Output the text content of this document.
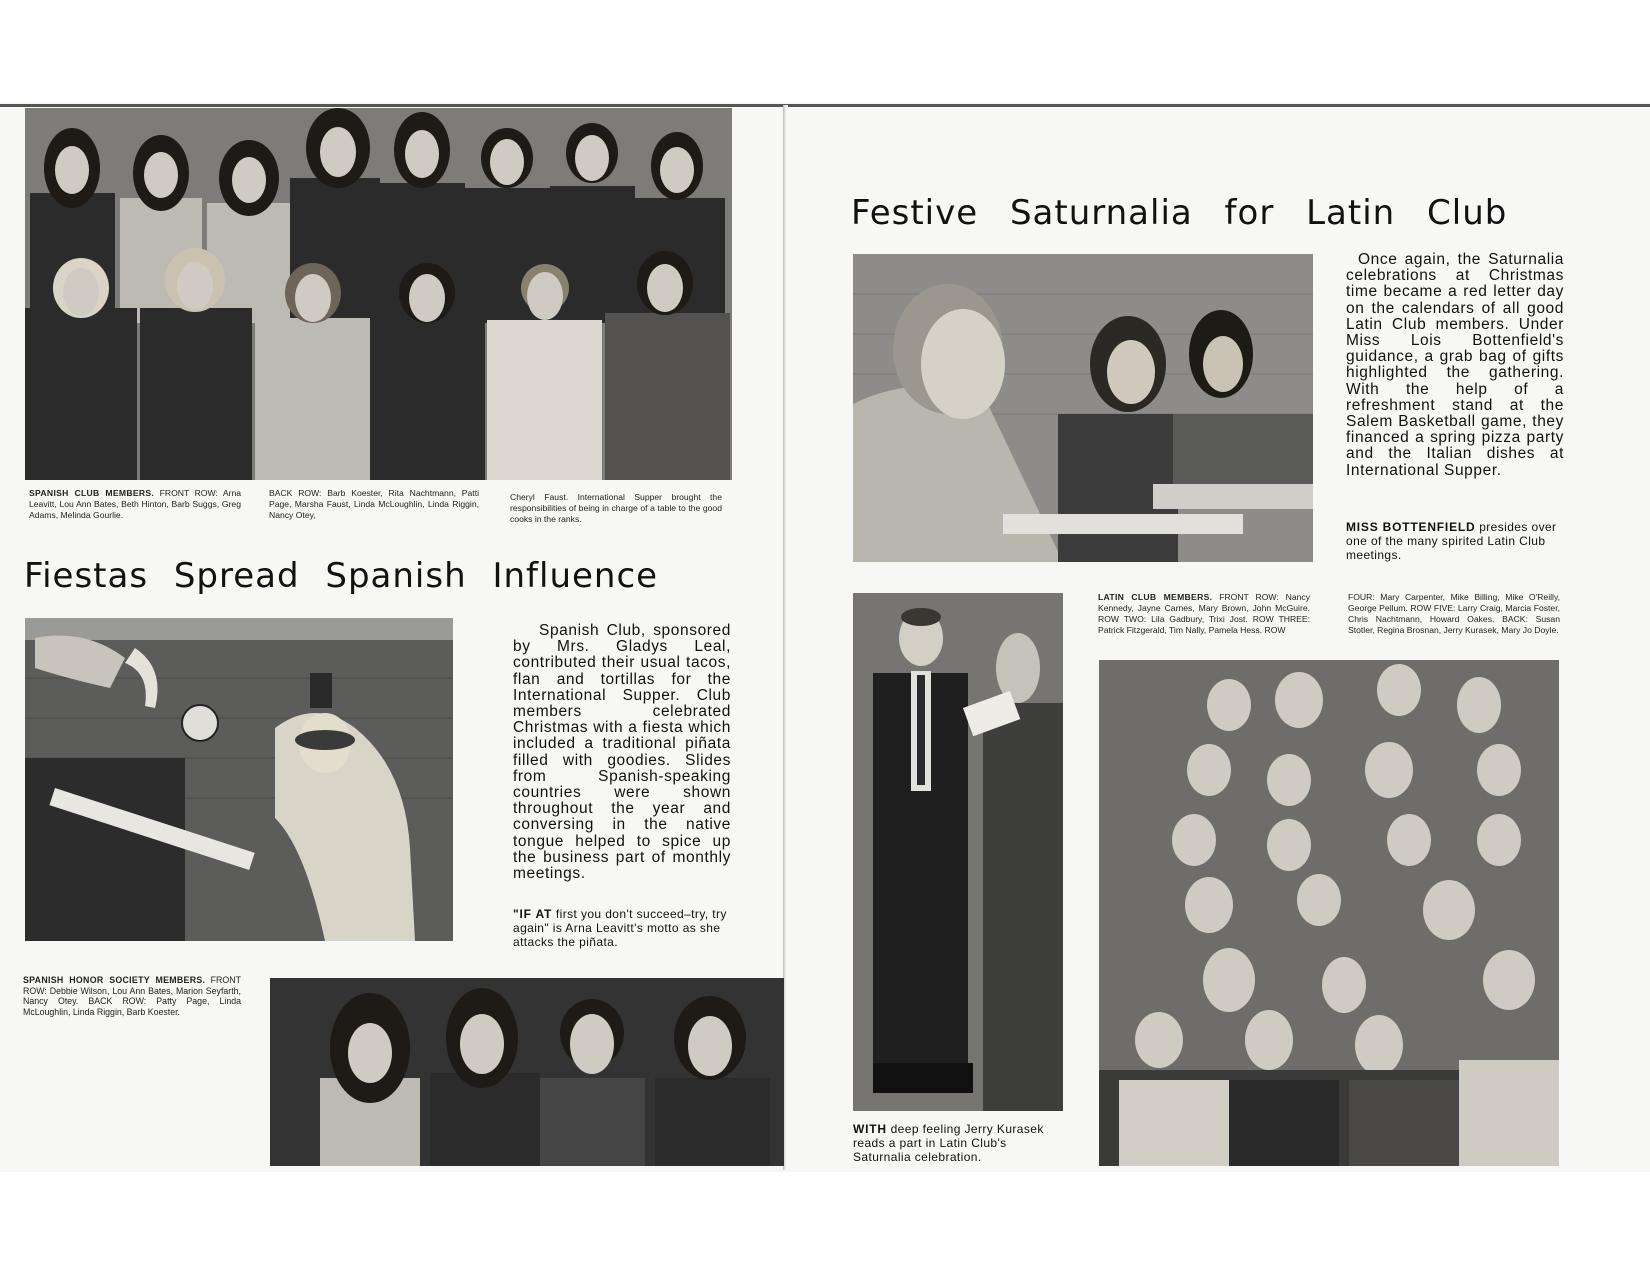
SPANISH CLUB MEMBERS. FRONT ROW: Arna Leavitt, Lou Ann Bates, Beth Hinton, Barb Suggs, Greg Adams, Melinda Gourlie.
BACK ROW: Barb Koester, Rita Nachtmann, Patti Page, Marsha Faust, Linda McLoughlin, Linda Riggin, Nancy Otey,
Cheryl Faust. International Supper brought the responsibilities of being in charge of a table to the good cooks in the ranks.
Fiestas Spread Spanish Influence
Spanish Club, sponsored by Mrs. Gladys Leal, contributed their usual tacos, flan and tortillas for the International Supper. Club members celebrated Christmas with a fiesta which included a traditional piñata filled with goodies. Slides from Spanish-speaking countries were shown throughout the year and conversing in the native tongue helped to spice up the business part of monthly meetings.
"IF AT first you don't succeed–try, try again" is Arna Leavitt's motto as she attacks the piñata.
SPANISH HONOR SOCIETY MEMBERS. FRONT ROW: Debbie Wilson, Lou Ann Bates, Marion Seyfarth, Nancy Otey. BACK ROW: Patty Page, Linda McLoughlin, Linda Riggin, Barb Koester.
Festive Saturnalia for Latin Club
Once again, the Saturnalia celebrations at Christmas time became a red letter day on the calendars of all good Latin Club members. Under Miss Lois Bottenfield's guidance, a grab bag of gifts highlighted the gathering. With the help of a refreshment stand at the Salem Basketball game, they financed a spring pizza party and the Italian dishes at International Supper.
MISS BOTTENFIELD presides over one of the many spirited Latin Club meetings.
WITH deep feeling Jerry Kurasek reads a part in Latin Club's Saturnalia celebration.
LATIN CLUB MEMBERS. FRONT ROW: Nancy Kennedy, Jayne Carnes, Mary Brown, John McGuire. ROW TWO: Lila Gadbury, Trixi Jost. ROW THREE: Patrick Fitzgerald, Tim Nally, Pamela Hess. ROW
FOUR: Mary Carpenter, Mike Billing, Mike O'Reilly, George Pellum. ROW FIVE: Larry Craig, Marcia Foster, Chris Nachtmann, Howard Oakes. BACK: Susan Stotler, Regina Brosnan, Jerry Kurasek, Mary Jo Doyle.
